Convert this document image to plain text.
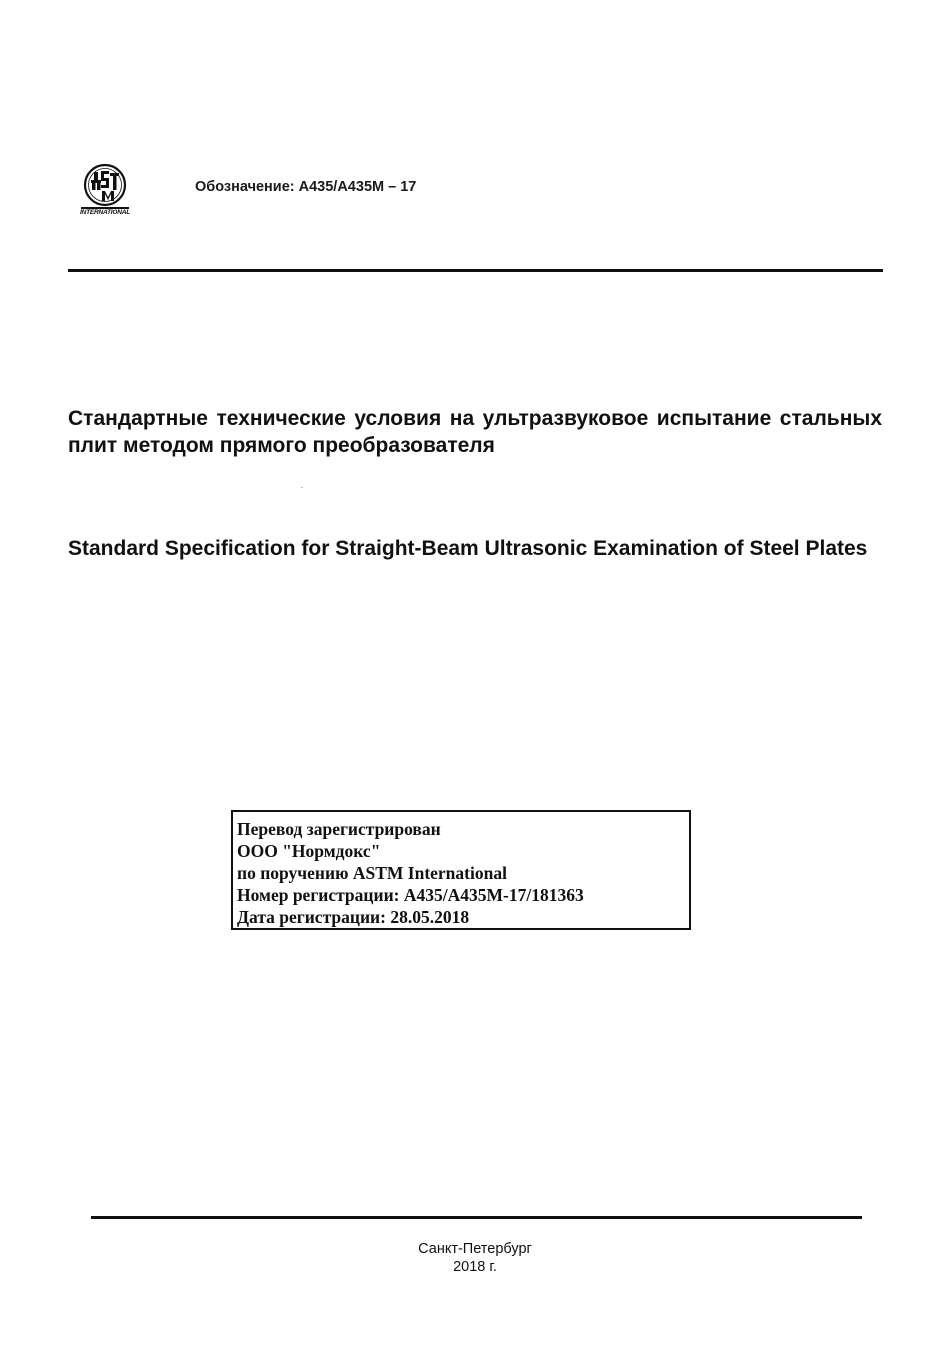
INTERNATIONAL
Обозначение: A435/A435M – 17

Стандартные технические условия на ультразвуковое испытание стальных плит методом прямого преобразователя

Standard Specification for Straight-Beam Ultrasonic Examination of Steel Plates

Перевод зарегистрирован
ООО "Нормдокс"
по поручению ASTM International
Номер регистрации: A435/A435M-17/181363
Дата регистрации: 28.05.2018
Санкт-Петербург
2018 г.
